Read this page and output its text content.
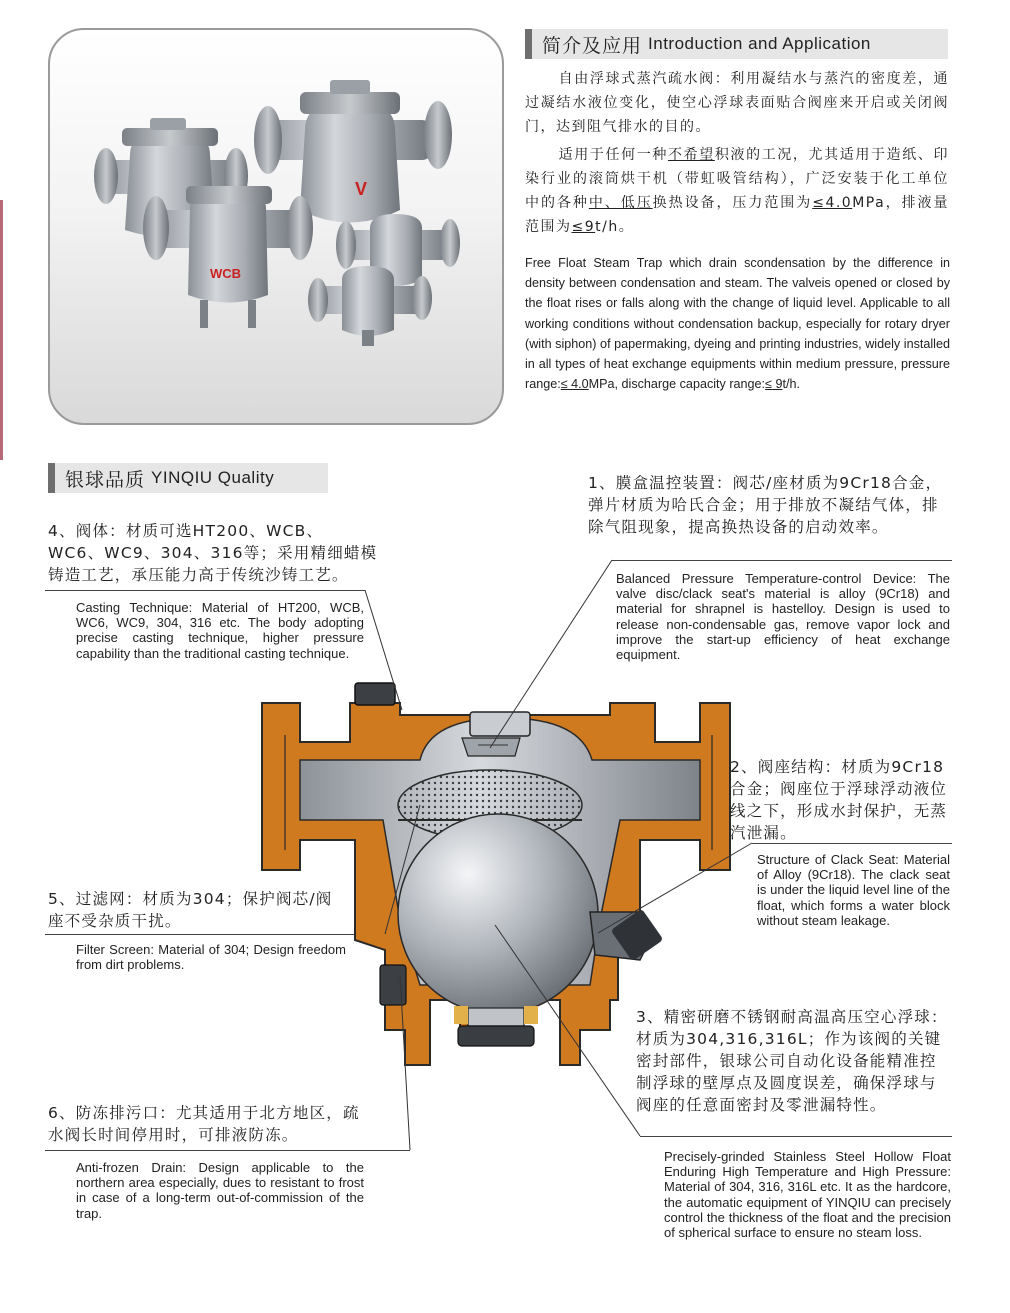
V
WCB
简介及应用 Introduction and Application
自由浮球式蒸汽疏水阀：利用凝结水与蒸汽的密度差，通过凝结水液位变化，使空心浮球表面贴合阀座来开启或关闭阀门，达到阻气排水的目的。
适用于任何一种不希望积液的工况，尤其适用于造纸、印染行业的滚筒烘干机（带虹吸管结构），广泛安装于化工单位中的各种中、低压换热设备，压力范围为≤4.0MPa，排液量范围为≤9t/h。
Free Float Steam Trap which drain scondensation by the difference in density between condensation and steam. The valveis opened or closed by the float rises or falls along with the change of liquid level. Applicable to all working conditions without condensation backup, especially for rotary dryer (with siphon) of papermaking, dyeing and printing industries, widely installed in all types of heat exchange equipments within medium pressure, pressure range:≤ 4.0MPa, discharge capacity range:≤ 9t/h.
银球品质 YINQIU Quality
4、阀体：材质可选HT200、WCB、WC6、WC9、304、316等；采用精细蜡模铸造工艺，承压能力高于传统沙铸工艺。
Casting Technique: Material of HT200, WCB, WC6, WC9, 304, 316 etc. The body adopting precise casting technique, higher pressure capability than the traditional casting technique.
1、膜盒温控装置：阀芯/座材质为9Cr18合金，弹片材质为哈氏合金；用于排放不凝结气体，排除气阻现象，提高换热设备的启动效率。
Balanced Pressure Temperature-control Device: The valve disc/clack seat's material is alloy (9Cr18) and material for shrapnel is hastelloy. Design is used to release non-condensable gas, remove vapor lock and improve the start-up efficiency of heat exchange equipment.
2、阀座结构：材质为9Cr18合金；阀座位于浮球浮动液位线之下，形成水封保护，无蒸汽泄漏。
Structure of Clack Seat: Material of Alloy (9Cr18). The clack seat is under the liquid level line of the float, which forms a water block without steam leakage.
5、过滤网：材质为304；保护阀芯/阀座不受杂质干扰。
Filter Screen: Material of 304; Design freedom from dirt problems.
3、精密研磨不锈钢耐高温高压空心浮球：材质为304,316,316L；作为该阀的关键密封部件，银球公司自动化设备能精准控制浮球的壁厚点及圆度误差，确保浮球与阀座的任意面密封及零泄漏特性。
Precisely-grinded Stainless Steel Hollow Float Enduring High Temperature and High Pressure: Material of 304, 316, 316L etc. It as the hardcore, the automatic equipment of YINQIU can precisely control the thickness of the float and the precision of spherical surface to ensure no steam loss.
6、防冻排污口：尤其适用于北方地区，疏水阀长时间停用时，可排液防冻。
Anti-frozen Drain: Design applicable to the northern area especially, dues to resistant to frost in case of a long-term out-of-commission of the trap.
